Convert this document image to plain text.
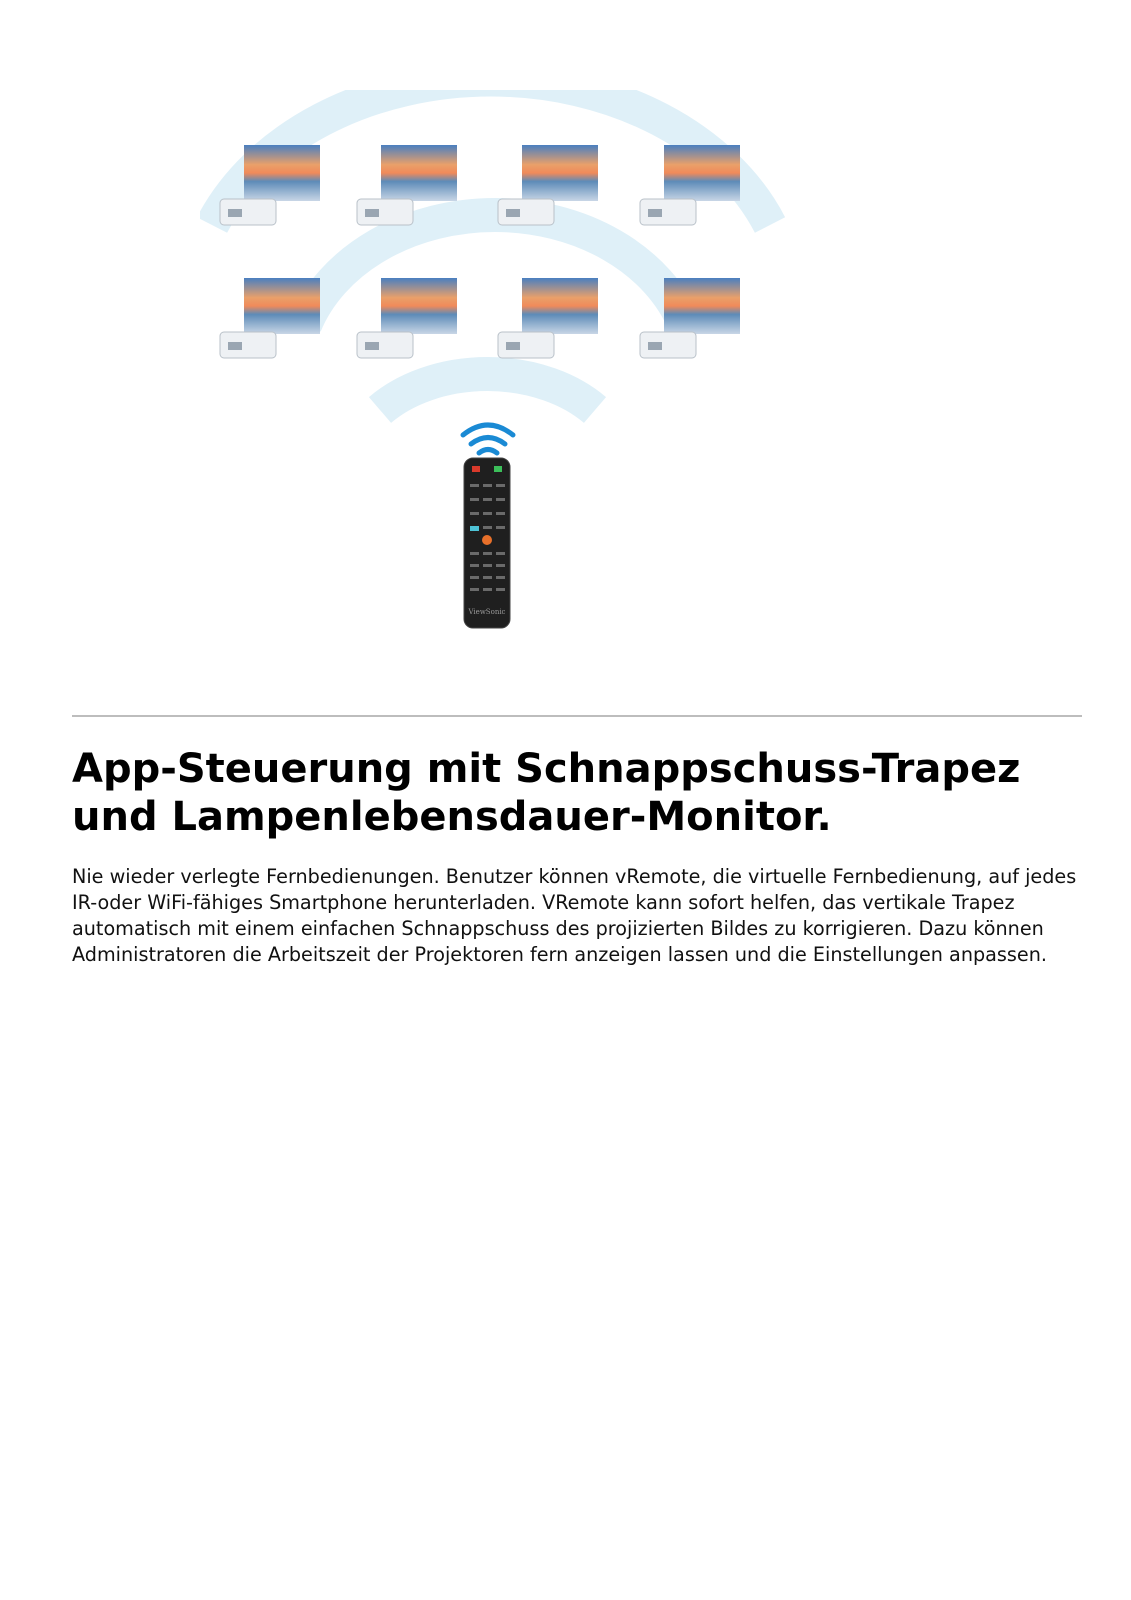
ViewSonic
App-Steuerung mit Schnappschuss-Trapez und Lampenlebensdauer-Monitor.

Nie wieder verlegte Fernbedienungen. Benutzer können vRemote, die virtuelle Fernbedienung, auf jedes IR-oder WiFi-fähiges Smartphone herunterladen. VRemote kann sofort helfen, das vertikale Trapez automatisch mit einem einfachen Schnappschuss des projizierten Bildes zu korrigieren. Dazu können Administratoren die Arbeitszeit der Projektoren fern anzeigen lassen und die Einstellungen anpassen.
